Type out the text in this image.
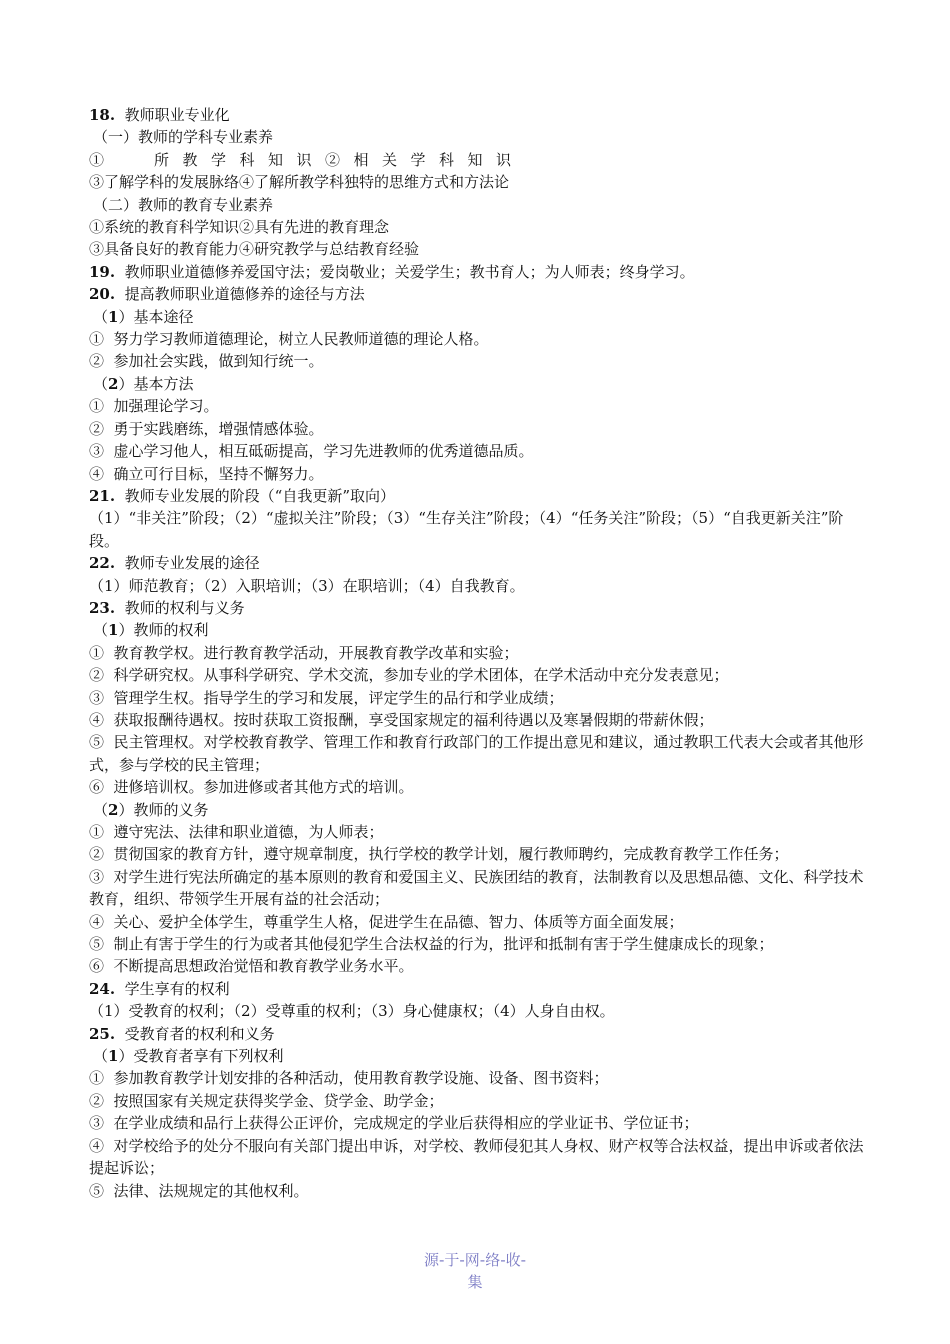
18. 教师职业专业化
（一）教师的学科专业素养
①  所教学科知识②相关学科知识
③了解学科的发展脉络④了解所教学科独特的思维方式和方法论
（二）教师的教育专业素养
①系统的教育科学知识②具有先进的教育理念
③具备良好的教育能力④研究教学与总结教育经验
19. 教师职业道德修养爱国守法；爱岗敬业；关爱学生；教书育人；为人师表；终身学习。
20. 提高教师职业道德修养的途径与方法
（1）基本途径
①  努力学习教师道德理论，树立人民教师道德的理论人格。
②  参加社会实践，做到知行统一。
（2）基本方法
①  加强理论学习。
②  勇于实践磨练，增强情感体验。
③  虚心学习他人，相互砥砺提高，学习先进教师的优秀道德品质。
④  确立可行目标，坚持不懈努力。
21. 教师专业发展的阶段（“自我更新”取向）
（1）“非关注”阶段；（2）“虚拟关注”阶段；（3）“生存关注”阶段；（4）“任务关注”阶段；（5）“自我更新关注”阶段。
22. 教师专业发展的途径
（1）师范教育；（2）入职培训；（3）在职培训；（4）自我教育。
23. 教师的权利与义务
（1）教师的权利
①  教育教学权。进行教育教学活动，开展教育教学改革和实验；
②  科学研究权。从事科学研究、学术交流，参加专业的学术团体，在学术活动中充分发表意见；
③  管理学生权。指导学生的学习和发展，评定学生的品行和学业成绩；
④  获取报酬待遇权。按时获取工资报酬，享受国家规定的福利待遇以及寒暑假期的带薪休假；
⑤  民主管理权。对学校教育教学、管理工作和教育行政部门的工作提出意见和建议，通过教职工代表大会或者其他形式，参与学校的民主管理；
⑥  进修培训权。参加进修或者其他方式的培训。
（2）教师的义务
①  遵守宪法、法律和职业道德，为人师表；
②  贯彻国家的教育方针，遵守规章制度，执行学校的教学计划，履行教师聘约，完成教育教学工作任务；
③  对学生进行宪法所确定的基本原则的教育和爱国主义、民族团结的教育，法制教育以及思想品德、文化、科学技术教育，组织、带领学生开展有益的社会活动；
④  关心、爱护全体学生，尊重学生人格，促进学生在品德、智力、体质等方面全面发展；
⑤  制止有害于学生的行为或者其他侵犯学生合法权益的行为，批评和抵制有害于学生健康成长的现象；
⑥  不断提高思想政治觉悟和教育教学业务水平。
24. 学生享有的权利
（1）受教育的权利；（2）受尊重的权利；（3）身心健康权；（4）人身自由权。
25. 受教育者的权利和义务
（1）受教育者享有下列权利
①  参加教育教学计划安排的各种活动，使用教育教学设施、设备、图书资料；
②  按照国家有关规定获得奖学金、贷学金、助学金；
③  在学业成绩和品行上获得公正评价，完成规定的学业后获得相应的学业证书、学位证书；
④  对学校给予的处分不服向有关部门提出申诉，对学校、教师侵犯其人身权、财产权等合法权益，提出申诉或者依法提起诉讼；
⑤  法律、法规规定的其他权利。
源-于-网-络-收-
集
